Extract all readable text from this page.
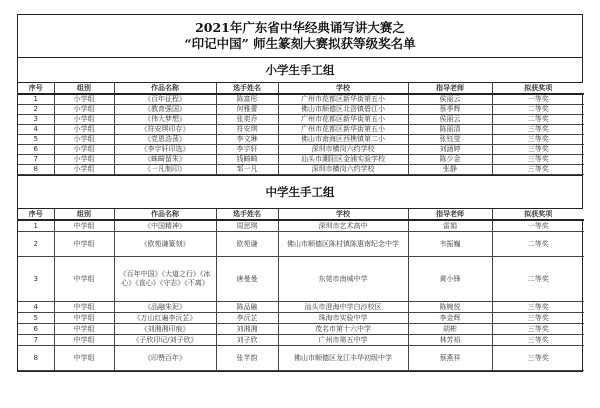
2021年广东省中华经典诵写讲大赛之
“印记中国” 师生篆刻大赛拟获等级奖名单
小学生手工组
序号	组别	作品名称	选手姓名	学校	指导老师	拟获奖项
1	小学组	《百年征程》	陈富彤	广州市花都区新华街第五小	侯丽云	一等奖
2	小学组	《教育强国》	何雅蕾	佛山市顺德区北滘镇碧江小	蔡季辉	二等奖
3	小学组	《伟大梦想》	张奕乔	广州市花都区新华街第五小	侯丽云	二等奖
4	小学组	《符安琪印存》	符安琪	广州市花都区新华街第五小	陈丽清	三等奖
5	小学组	《党恩浩荡》	李文琳	佛山市南海区西樵镇第二小	张钰莹	三等奖
6	小学组	《李宇轩印选》	李宇轩	深圳市横岗六约学校	刘涵婷	三等奖
7	小学组	《蛛畸留朱》	钱畸畸	汕头市潮阳区金浦实验学校	陈少金	三等奖
8	小学组	《一凡制印》	邹一凡	深圳市横岗六约学校	张静	三等奖
中学生手工组
序号	组别	作品名称	选手姓名	学校	指导老师	拟获奖项
1	中学组	《中国精神》	周思琪	深圳市艺术高中	雷娟	一等奖
2	中学组	《欧苑谦篆刻》	欧苑谦	佛山市顺德区陈村镇陈惠南纪念中学	韦振巍	二等奖
3	中学组	《百年中国》《大道之行》《冰心》《直心》《守志》《不离》	唐曼曼	东莞市南城中学	黄小锋	二等奖
4	中学组	《品融朱泥》	陈品融	汕头市澄海中学白沙校区	陈婉悦	三等奖
5	中学组	《万山红遍李沅芷》	李沅芷	珠海市实验中学	李金辉	三等奖
6	中学组	《刘湘湘印痕》	刘湘湘	茂名市第十六中学	胡彬	三等奖
7	中学组	《子欣印记/刘子欣》	刘子欣	广州市第五中学	林芳裕	三等奖
8	中学组	《印赞百年》	张芊韵	佛山市顺德区龙江丰华初级中学	蔡燕祥	三等奖
